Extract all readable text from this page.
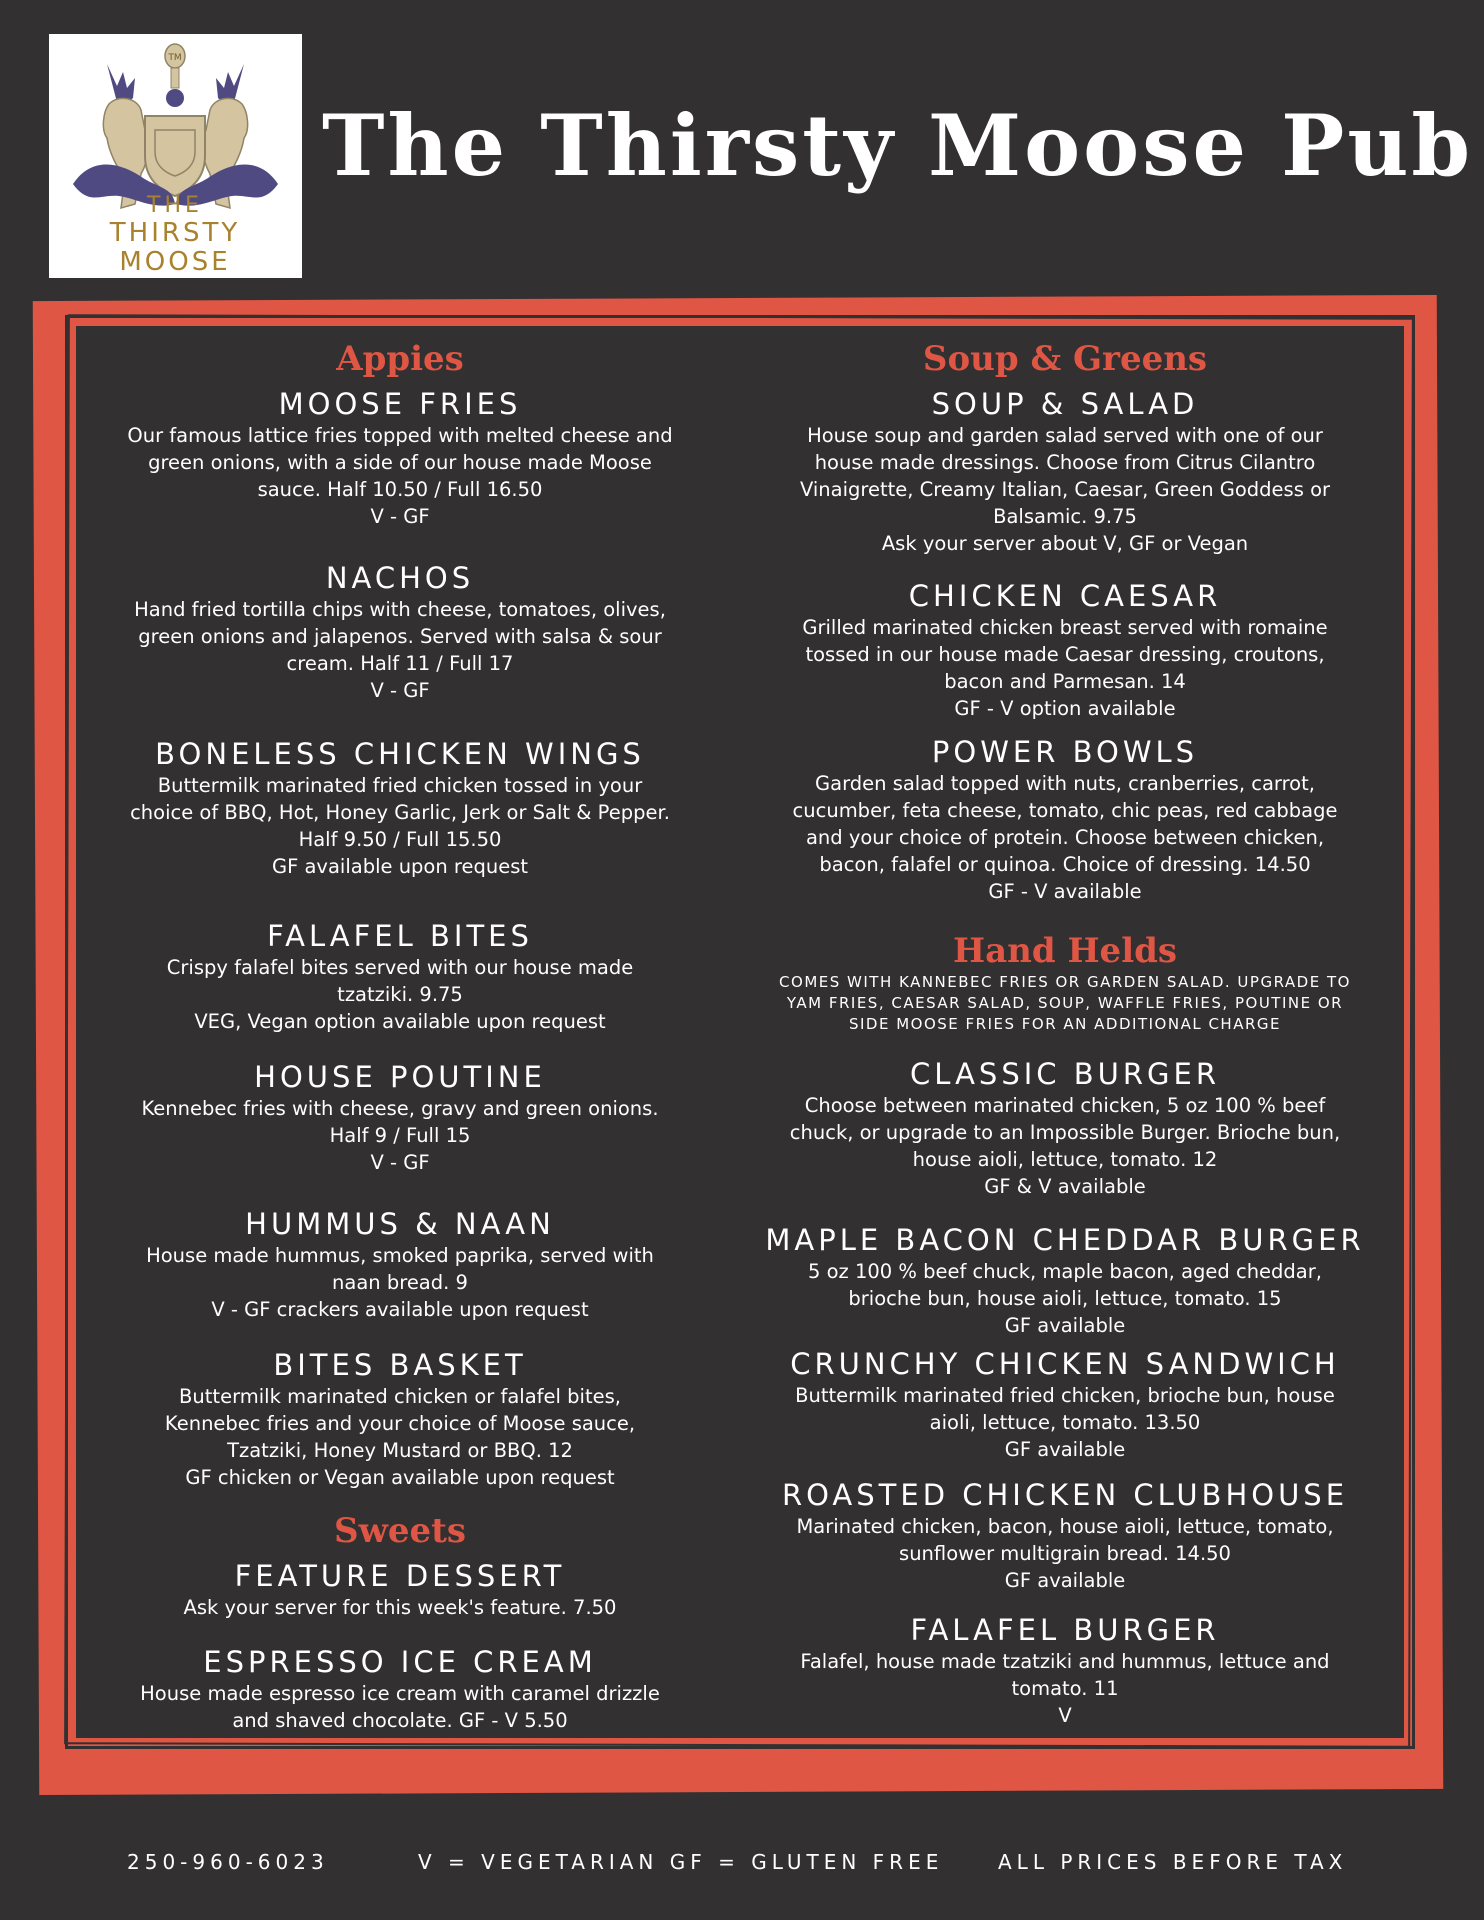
TM
THE
THIRSTY
MOOSE
The Thirsty Moose Pub
Appies
MOOSE FRIES
Our famous lattice fries topped with melted cheese and
green onions, with a side of our house made Moose
sauce. Half 10.50 / Full 16.50
V - GF
NACHOS
Hand fried tortilla chips with cheese, tomatoes, olives,
green onions and jalapenos. Served with salsa & sour
cream. Half 11 / Full 17
V - GF
BONELESS CHICKEN WINGS
Buttermilk marinated fried chicken tossed in your
choice of BBQ, Hot, Honey Garlic, Jerk or Salt & Pepper.
Half 9.50 / Full 15.50
GF available upon request
FALAFEL BITES
Crispy falafel bites served with our house made
tzatziki. 9.75
VEG, Vegan option available upon request
HOUSE POUTINE
Kennebec fries with cheese, gravy and green onions.
Half 9 / Full 15
V - GF
HUMMUS & NAAN
House made hummus, smoked paprika, served with
naan bread. 9
V - GF crackers available upon request
BITES BASKET
Buttermilk marinated chicken or falafel bites,
Kennebec fries and your choice of Moose sauce,
Tzatziki, Honey Mustard or BBQ. 12
GF chicken or Vegan available upon request
Sweets
FEATURE DESSERT
Ask your server for this week's feature. 7.50
ESPRESSO ICE CREAM
House made espresso ice cream with caramel drizzle
and shaved chocolate. GF - V 5.50
Soup & Greens
SOUP & SALAD
House soup and garden salad served with one of our
house made dressings. Choose from Citrus Cilantro
Vinaigrette, Creamy Italian, Caesar, Green Goddess or
Balsamic. 9.75
Ask your server about V, GF or Vegan
CHICKEN CAESAR
Grilled marinated chicken breast served with romaine
tossed in our house made Caesar dressing, croutons,
bacon and Parmesan. 14
GF - V option available
POWER BOWLS
Garden salad topped with nuts, cranberries, carrot,
cucumber, feta cheese, tomato, chic peas, red cabbage
and your choice of protein. Choose between chicken,
bacon, falafel or quinoa. Choice of dressing. 14.50
GF - V available
Hand Helds
COMES WITH KANNEBEC FRIES OR GARDEN SALAD. UPGRADE TO
YAM FRIES, CAESAR SALAD, SOUP, WAFFLE FRIES, POUTINE OR
SIDE MOOSE FRIES FOR AN ADDITIONAL CHARGE
CLASSIC BURGER
Choose between marinated chicken, 5 oz 100 % beef
chuck, or upgrade to an Impossible Burger. Brioche bun,
house aioli, lettuce, tomato. 12
GF & V available
MAPLE BACON CHEDDAR BURGER
5 oz 100 % beef chuck, maple bacon, aged cheddar,
brioche bun, house aioli, lettuce, tomato. 15
GF available
CRUNCHY CHICKEN SANDWICH
Buttermilk marinated fried chicken, brioche bun, house
aioli, lettuce, tomato. 13.50
GF available
ROASTED CHICKEN CLUBHOUSE
Marinated chicken, bacon, house aioli, lettuce, tomato,
sunflower multigrain bread. 14.50
GF available
FALAFEL BURGER
Falafel, house made tzatziki and hummus, lettuce and
tomato. 11
V
250-960-6023	V = VEGETARIAN GF = GLUTEN FREE	ALL PRICES BEFORE TAX
